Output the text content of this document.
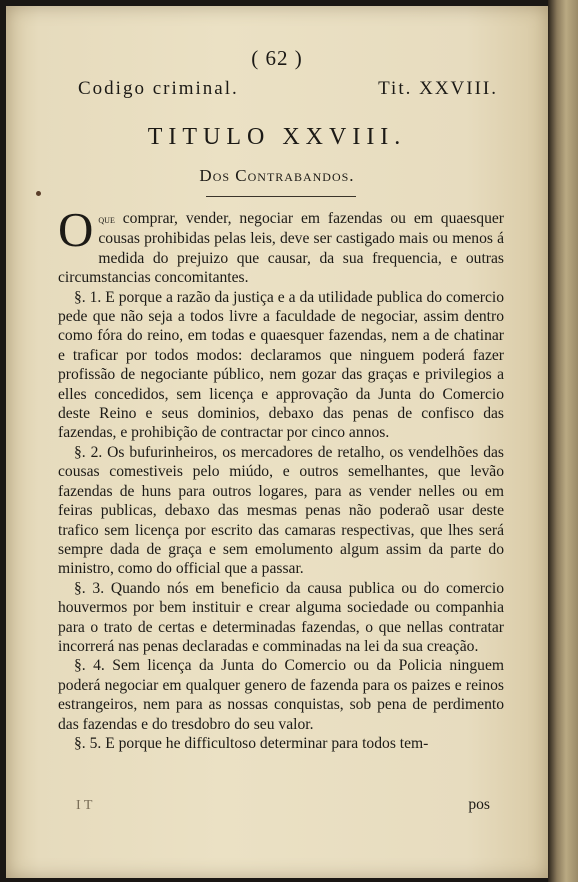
( 62 )
Codigo criminal.	Tit. XXVIII.
TITULO XXVIII.
Dos Contrabandos.

Oque comprar, vender, negociar em fazendas ou em quaesquer cousas prohibidas pelas leis, deve ser castigado mais ou menos á medida do prejuizo que causar, da sua frequencia, e outras circumstancias concomitantes.

§. 1. E porque a razão da justiça e a da utilidade publica do comercio pede que não seja a todos livre a faculdade de negociar, assim dentro como fóra do reino, em todas e quaesquer fazendas, nem a de chatinar e traficar por todos modos: declaramos que ninguem poderá fazer profissão de negociante público, nem gozar das graças e privilegios a elles concedidos, sem licença e approvação da Junta do Comercio deste Reino e seus dominios, debaxo das penas de confisco das fazendas, e prohibição de contractar por cinco annos.

§. 2. Os bufurinheiros, os mercadores de retalho, os vendelhões das cousas comestiveis pelo miúdo, e outros semelhantes, que levão fazendas de huns para outros logares, para as vender nelles ou em feiras publicas, debaxo das mesmas penas não poderaõ usar deste trafico sem licença por escrito das camaras respectivas, que lhes será sempre dada de graça e sem emolumento algum assim da parte do ministro, como do official que a passar.

§. 3. Quando nós em beneficio da causa publica ou do comercio houvermos por bem instituir e crear alguma sociedade ou companhia para o trato de certas e determinadas fazendas, o que nellas contratar incorrerá nas penas declaradas e comminadas na lei da sua creação.

§. 4. Sem licença da Junta do Comercio ou da Policia ninguem poderá negociar em qualquer genero de fazenda para os paizes e reinos estrangeiros, nem para as nossas conquistas, sob pena de perdimento das fazendas e do tresdobro do seu valor.

§. 5. E porque he difficultoso determinar para todos tem-

I T	pos
